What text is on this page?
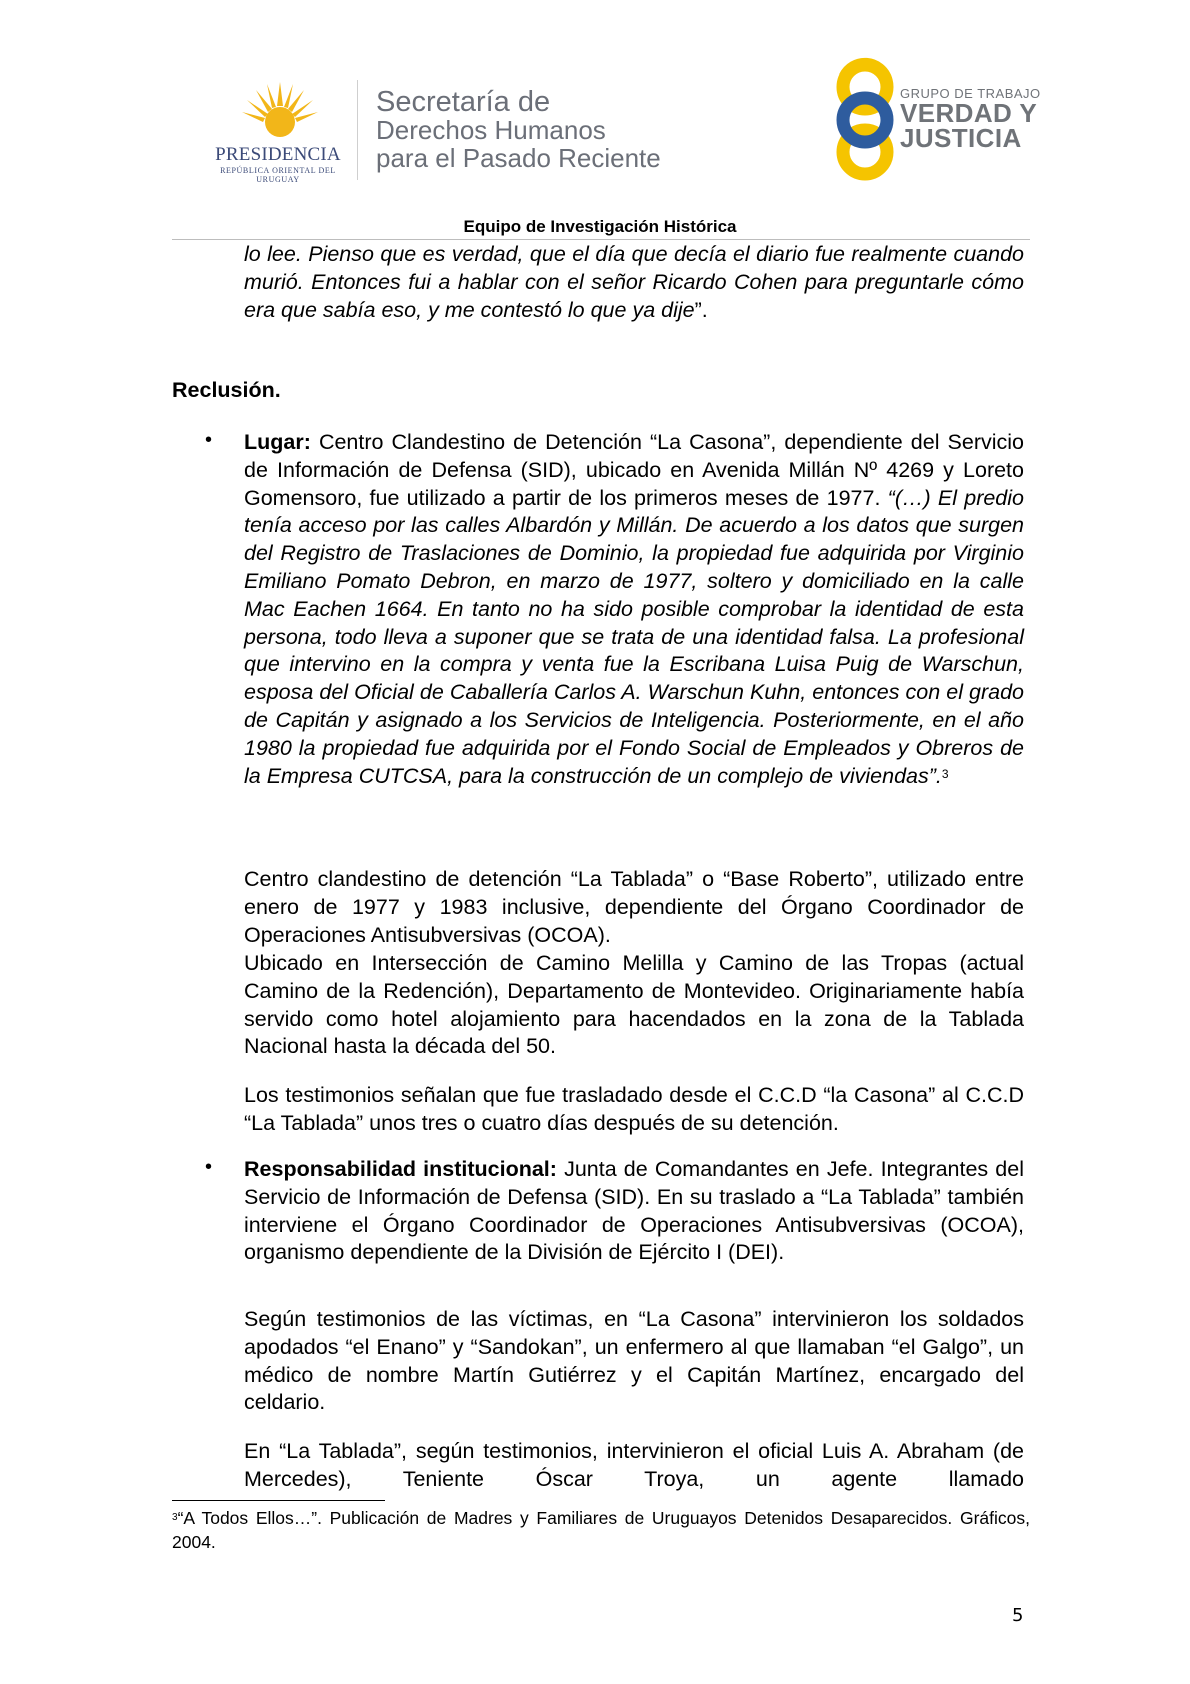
PRESIDENCIA
REPÚBLICA ORIENTAL DEL URUGUAY
Secretaría de
Derechos Humanos
para el Pasado Reciente
GRUPO DE TRABAJO
VERDAD Y
JUSTICIA
Equipo de Investigación Histórica
lo lee. Pienso que es verdad, que el día que decía el diario fue realmente cuando murió. Entonces fui a hablar con el señor Ricardo Cohen para preguntarle cómo era que sabía eso, y me contestó lo que ya dije”.
Reclusión.
• Lugar: Centro Clandestino de Detención “La Casona”, dependiente del Servicio de Información de Defensa (SID), ubicado en Avenida Millán Nº 4269 y Loreto Gomensoro, fue utilizado a partir de los primeros meses de 1977. “(…) El predio tenía acceso por las calles Albardón y Millán. De acuerdo a los datos que surgen del Registro de Traslaciones de Dominio, la propiedad fue adquirida por Virginio Emiliano Pomato Debron, en marzo de 1977, soltero y domiciliado en la calle Mac Eachen 1664. En tanto no ha sido posible comprobar la identidad de esta persona, todo lleva a suponer que se trata de una identidad falsa. La profesional que intervino en la compra y venta fue la Escribana Luisa Puig de Warschun, esposa del Oficial de Caballería Carlos A. Warschun Kuhn, entonces con el grado de Capitán y asignado a los Servicios de Inteligencia. Posteriormente, en el año 1980 la propiedad fue adquirida por el Fondo Social de Empleados y Obreros de la Empresa CUTCSA, para la construcción de un complejo de viviendas”.$^3$
Centro clandestino de detención “La Tablada” o “Base Roberto”, utilizado entre enero de 1977 y 1983 inclusive, dependiente del Órgano Coordinador de Operaciones Antisubversivas (OCOA).
Ubicado en Intersección de Camino Melilla y Camino de las Tropas (actual Camino de la Redención), Departamento de Montevideo. Originariamente había servido como hotel alojamiento para hacendados en la zona de la Tablada Nacional hasta la década del 50.
Los testimonios señalan que fue trasladado desde el C.C.D “la Casona” al C.C.D “La Tablada” unos tres o cuatro días después de su detención.
• Responsabilidad institucional: Junta de Comandantes en Jefe. Integrantes del Servicio de Información de Defensa (SID). En su traslado a “La Tablada” también interviene el Órgano Coordinador de Operaciones Antisubversivas (OCOA), organismo dependiente de la División de Ejército I (DEI).
Según testimonios de las víctimas, en “La Casona” intervinieron los soldados apodados “el Enano” y “Sandokan”, un enfermero al que llamaban “el Galgo”, un médico de nombre Martín Gutiérrez y el Capitán Martínez, encargado del celdario.
En “La Tablada”, según testimonios, intervinieron el oficial Luis A. Abraham (de Mercedes), Teniente Óscar Troya, un agente llamado
$^3$“A Todos Ellos…”. Publicación de Madres y Familiares de Uruguayos Detenidos Desaparecidos. Gráficos, 2004.
5
